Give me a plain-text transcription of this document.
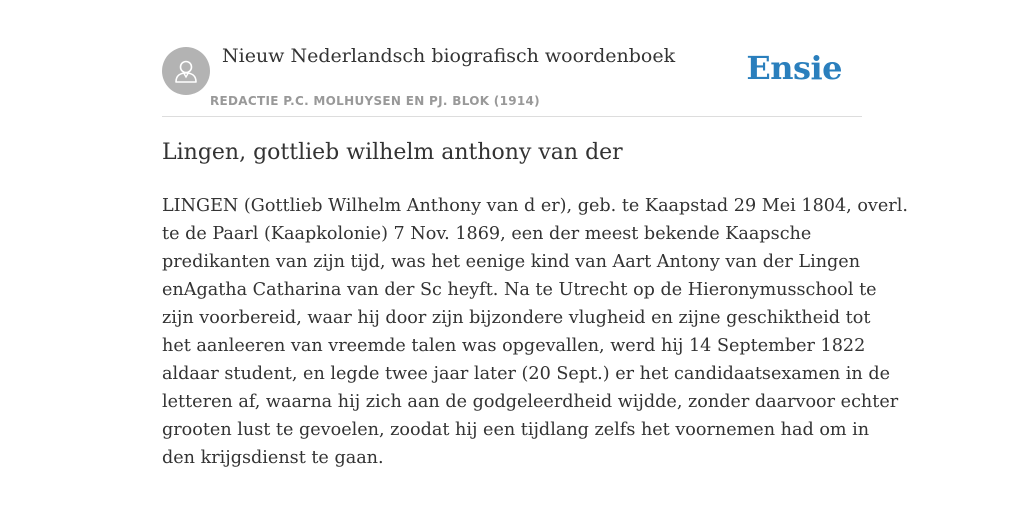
Nieuw Nederlandsch biografisch woordenboek
REDACTIE P.C. MOLHUYSEN EN PJ. BLOK (1914)
Ensie
Lingen, gottlieb wilhelm anthony van der

LINGEN (Gottlieb Wilhelm Anthony van d er), geb. te Kaapstad 29 Mei 1804, overl.
te de Paarl (Kaapkolonie) 7 Nov. 1869, een der meest bekende Kaapsche
predikanten van zijn tijd, was het eenige kind van Aart Antony van der Lingen
enAgatha Catharina van der Sc heyft. Na te Utrecht op de Hieronymusschool te
zijn voorbereid, waar hij door zijn bijzondere vlugheid en zijne geschiktheid tot
het aanleeren van vreemde talen was opgevallen, werd hij 14 September 1822
aldaar student, en legde twee jaar later (20 Sept.) er het candidaatsexamen in de
letteren af, waarna hij zich aan de godgeleerdheid wijdde, zonder daarvoor echter
grooten lust te gevoelen, zoodat hij een tijdlang zelfs het voornemen had om in
den krijgsdienst te gaan.
